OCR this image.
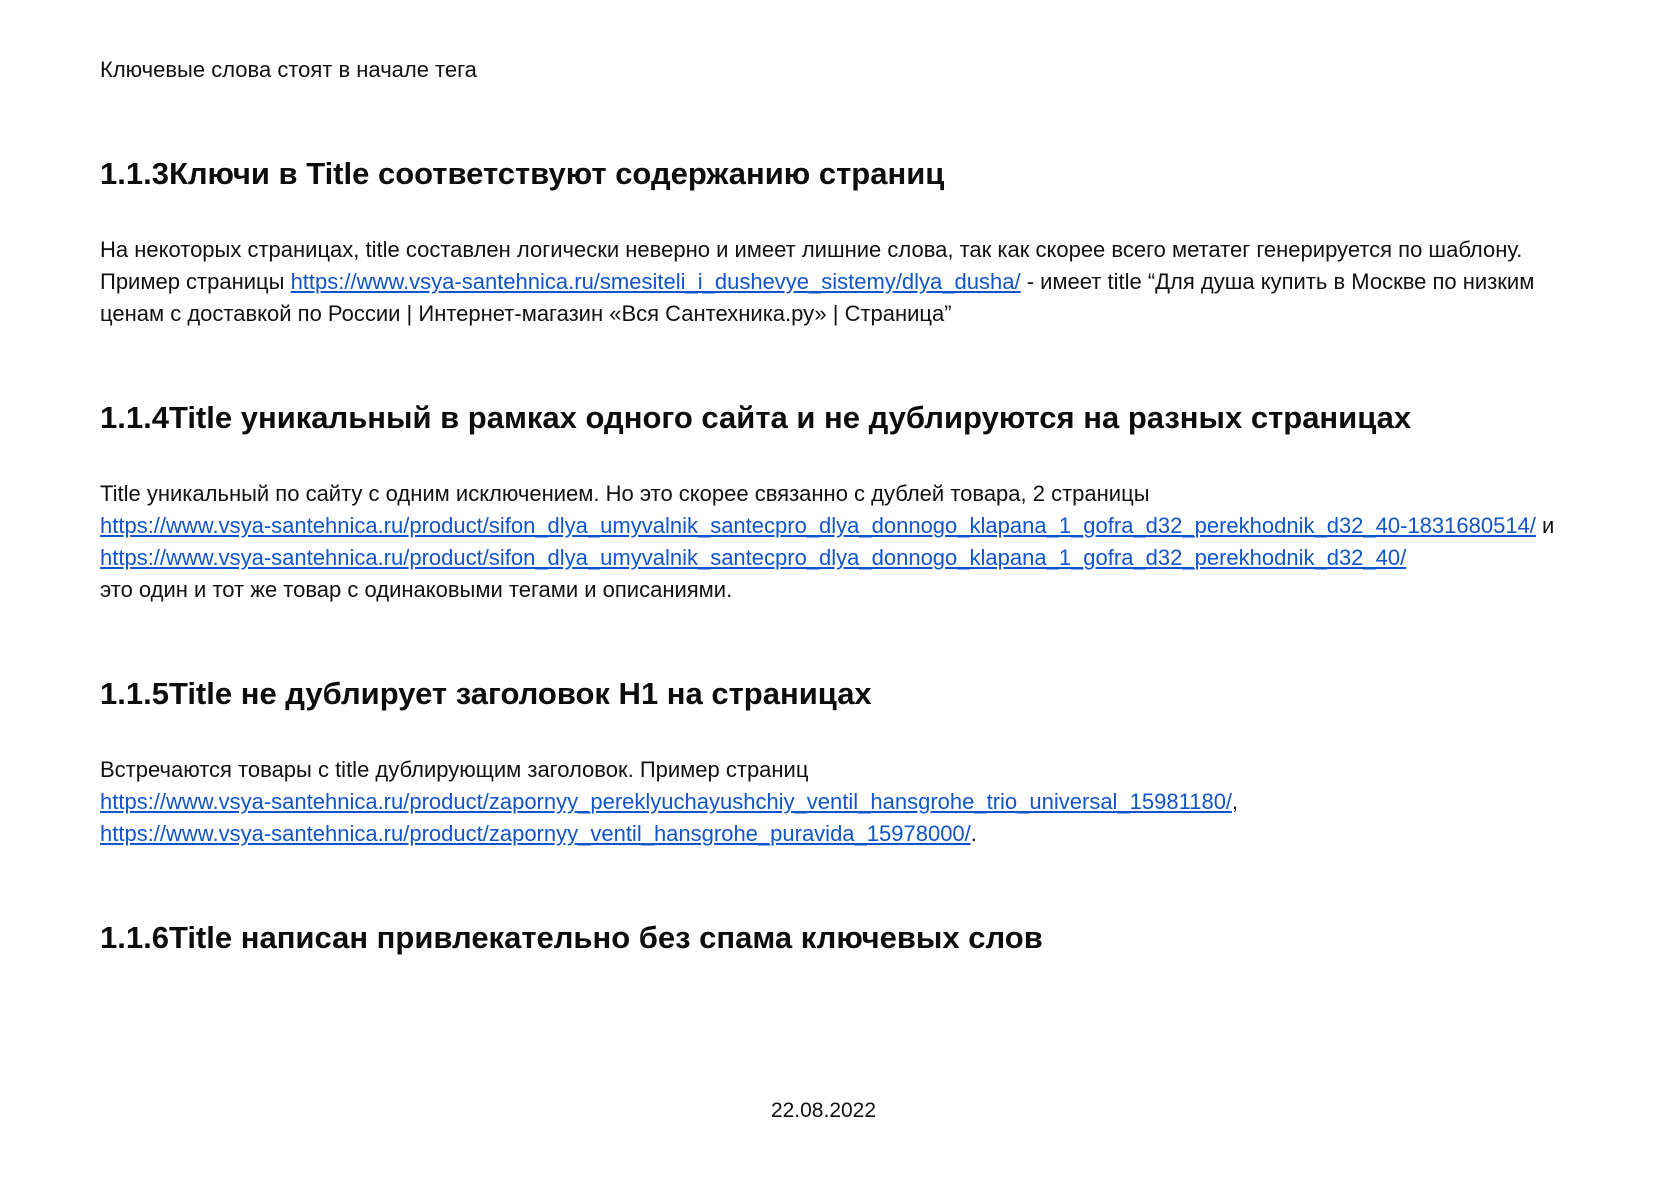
Ключевые слова стоят в начале тега

1.1.3Ключи в Title соответствуют содержанию страниц

На некоторых страницах, title составлен логически неверно и имеет лишние слова, так как скорее всего метатег генерируется по шаблону. Пример страницы https://www.vsya-santehnica.ru/smesiteli_i_dushevye_sistemy/dlya_dusha/ - имеет title “Для душа купить в Москве по низким ценам с доставкой по России | Интернет-магазин «Вся Сантехника.ру» | Страница”

1.1.4Title уникальный в рамках одного сайта и не дублируются на разных страницах

Title уникальный по сайту с одним исключением. Но это скорее связанно с дублей товара, 2 страницы
https://www.vsya-santehnica.ru/product/sifon_dlya_umyvalnik_santecpro_dlya_donnogo_klapana_1_gofra_d32_perekhodnik_d32_40-1831680514/ и
https://www.vsya-santehnica.ru/product/sifon_dlya_umyvalnik_santecpro_dlya_donnogo_klapana_1_gofra_d32_perekhodnik_d32_40/
это один и тот же товар с одинаковыми тегами и описаниями.

1.1.5Title не дублирует заголовок H1 на страницах

Встречаются товары с title дублирующим заголовок. Пример страниц
https://www.vsya-santehnica.ru/product/zapornyy_pereklyuchayushchiy_ventil_hansgrohe_trio_universal_15981180/,
https://www.vsya-santehnica.ru/product/zapornyy_ventil_hansgrohe_puravida_15978000/.

1.1.6Title написан привлекательно без спама ключевых слов
22.08.2022
